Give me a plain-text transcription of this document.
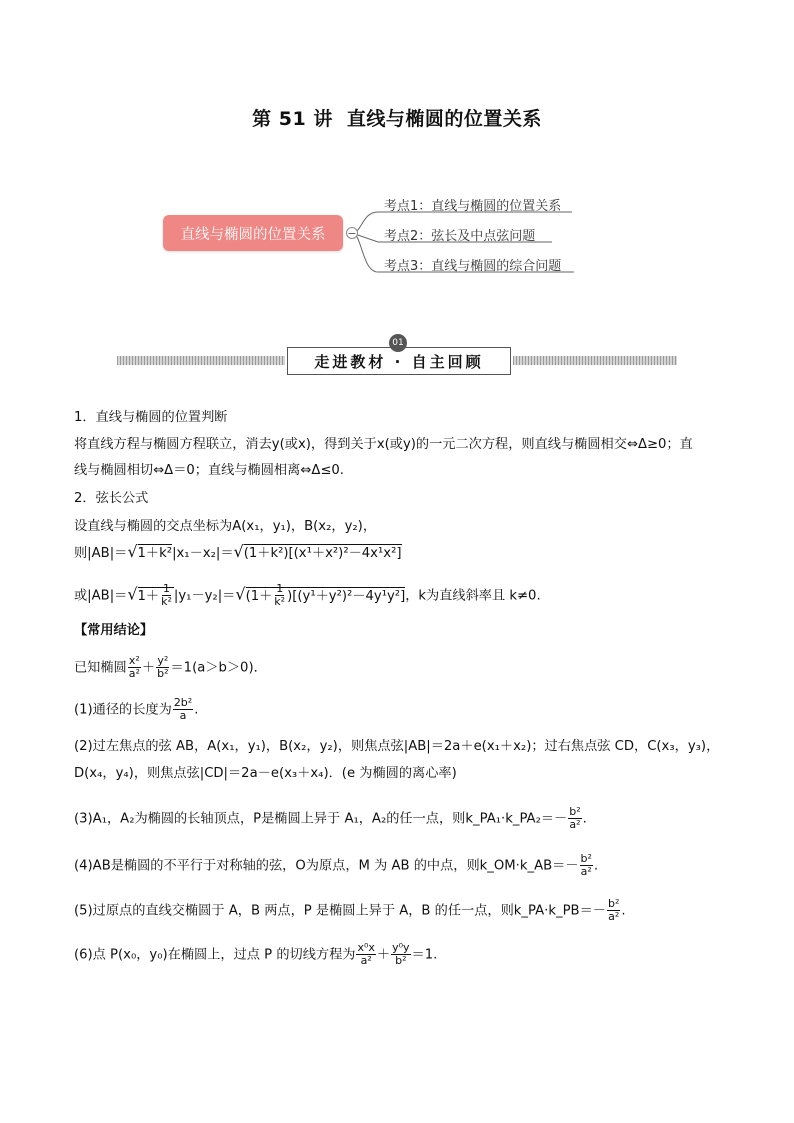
第 51 讲 直线与椭圆的位置关系
直线与椭圆的位置关系	−
考点1：直线与椭圆的位置关系
考点2：弦长及中点弦问题
考点3：直线与椭圆的综合问题
走进教材 · 自主回顾
01
1．直线与椭圆的位置判断
将直线方程与椭圆方程联立，消去y(或x)，得到关于x(或y)的一元二次方程，则直线与椭圆相交⇔Δ≥0；直
线与椭圆相切⇔Δ＝0；直线与椭圆相离⇔Δ≤0.
2．弦长公式
设直线与椭圆的交点坐标为A(x₁，y₁)，B(x₂，y₂)，
则|AB|＝√1＋k²|x₁－x₂|＝√(1＋k²)[(x¹＋x²)²－4x¹x²]
或$|AB|=√1+ \frac{1}{\text{k²}} |y_1-y_2|=√(1+ \frac{1}{\text{k²}} )[(y^1+y^2)^2-4y^1y^2]$，k为直线斜率且 k≠0.
【常用结论】
已知椭圆 $\frac{\text{x²}}{\text{a²}} + \frac{\text{y²}}{\text{b²}} =1(a>b>0)$．
(1)通径的长度为 $\frac{\text{2b²}}{a}$ .
(2)过左焦点的弦 AB，A(x₁，y₁)，B(x₂，y₂)，则焦点弦|AB|＝2a＋e(x₁＋x₂)；过右焦点弦 CD，C(x₃，y₃)，
D(x₄，y₄)，则焦点弦|CD|＝2a－e(x₃＋x₄)．(e 为椭圆的离心率)
(3)A₁，A₂为椭圆的长轴顶点，P是椭圆上异于 A₁，A₂的任一点，则k_PA₁·k_PA₂＝－ $\frac{\text{b²}}{\text{a²}}$ .
(4)AB是椭圆的不平行于对称轴的弦，O为原点，M 为 AB 的中点，则k_OM·k_AB＝－ $\frac{\text{b²}}{\text{a²}}$ .
(5)过原点的直线交椭圆于 A，B 两点，P 是椭圆上异于 A，B 的任一点，则k_PA·k_PB＝－ $\frac{\text{b²}}{\text{a²}}$ .
(6)点 P(x₀，y₀)在椭圆上，过点 P 的切线方程为 $\frac{\text{x⁰x}}{\text{a²}} + \frac{\text{y⁰y}}{\text{b²}} =1$.
